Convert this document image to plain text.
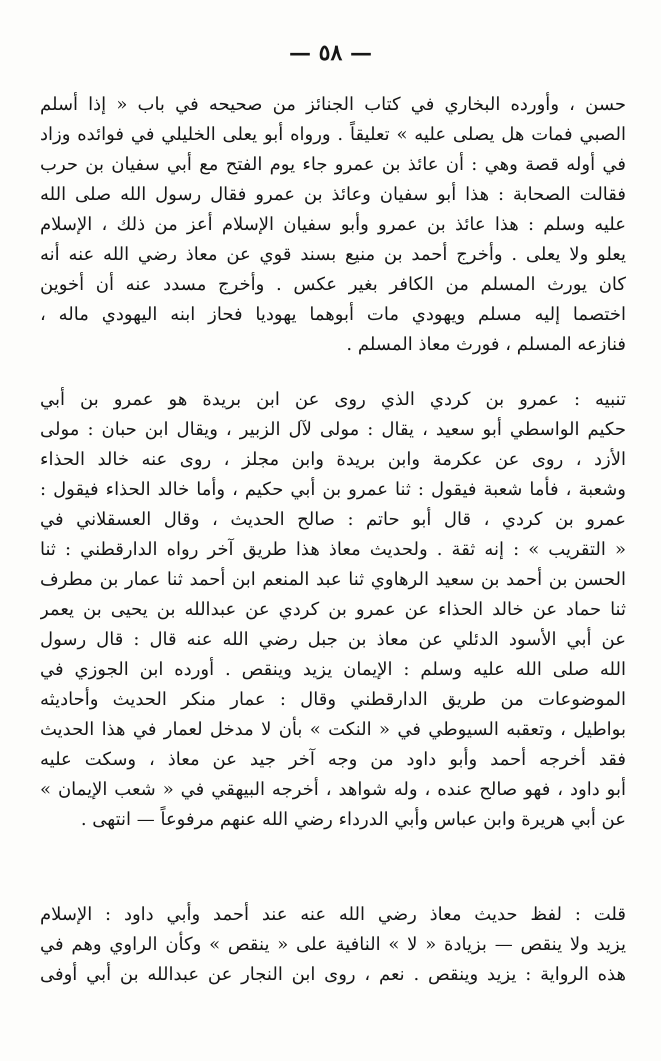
— ٥٨ —
حسن ، وأورده البخاري في كتاب الجنائز من صحيحه في باب « إذا أسلم
الصبي فمات هل يصلى عليه » تعليقاً . ورواه أبو يعلى الخليلي في فوائده وزاد
في أوله قصة وهي : أن عائذ بن عمرو جاء يوم الفتح مع أبي سفيان بن حرب
فقالت الصحابة : هذا أبو سفيان وعائذ بن عمرو فقال رسول الله صلى الله
عليه وسلم : هذا عائذ بن عمرو وأبو سفيان الإسلام أعز من ذلك ، الإسلام
يعلو ولا يعلى . وأخرج أحمد بن منيع بسند قوي عن معاذ رضي الله عنه أنه
كان يورث المسلم من الكافر بغير عكس . وأخرج مسدد عنه أن أخوين
اختصما إليه مسلم ويهودي مات أبوهما يهوديا فحاز ابنه اليهودي ماله ،
فنازعه المسلم ، فورث معاذ المسلم .
تنبيه : عمرو بن كردي الذي روى عن ابن بريدة هو عمرو بن أبي
حكيم الواسطي أبو سعيد ، يقال : مولى لآل الزبير ، ويقال ابن حبان : مولى
الأزد ، روى عن عكرمة وابن بريدة وابن مجلز ، روى عنه خالد الحذاء
وشعبة ، فأما شعبة فيقول : ثنا عمرو بن أبي حكيم ، وأما خالد الحذاء فيقول :
عمرو بن كردي ، قال أبو حاتم : صالح الحديث ، وقال العسقلاني في
« التقريب » : إنه ثقة . ولحديث معاذ هذا طريق آخر رواه الدارقطني : ثنا
الحسن بن أحمد بن سعيد الرهاوي ثنا عبد المنعم ابن أحمد ثنا عمار بن مطرف
ثنا حماد عن خالد الحذاء عن عمرو بن كردي عن عبدالله بن يحيى بن يعمر
عن أبي الأسود الدئلي عن معاذ بن جبل رضي الله عنه قال : قال رسول
الله صلى الله عليه وسلم : الإيمان يزيد وينقص . أورده ابن الجوزي في
الموضوعات من طريق الدارقطني وقال : عمار منكر الحديث وأحاديثه
بواطيل ، وتعقبه السيوطي في « النكت » بأن لا مدخل لعمار في هذا الحديث
فقد أخرجه أحمد وأبو داود من وجه آخر جيد عن معاذ ، وسكت عليه
أبو داود ، فهو صالح عنده ، وله شواهد ، أخرجه البيهقي في « شعب الإيمان »
عن أبي هريرة وابن عباس وأبي الدرداء رضي الله عنهم مرفوعاً — انتهى .
قلت : لفظ حديث معاذ رضي الله عنه عند أحمد وأبي داود : الإسلام
يزيد ولا ينقص — بزيادة « لا » النافية على « ينقص » وكأن الراوي وهم في
هذه الرواية : يزيد وينقص . نعم ، روى ابن النجار عن عبدالله بن أبي أوفى
